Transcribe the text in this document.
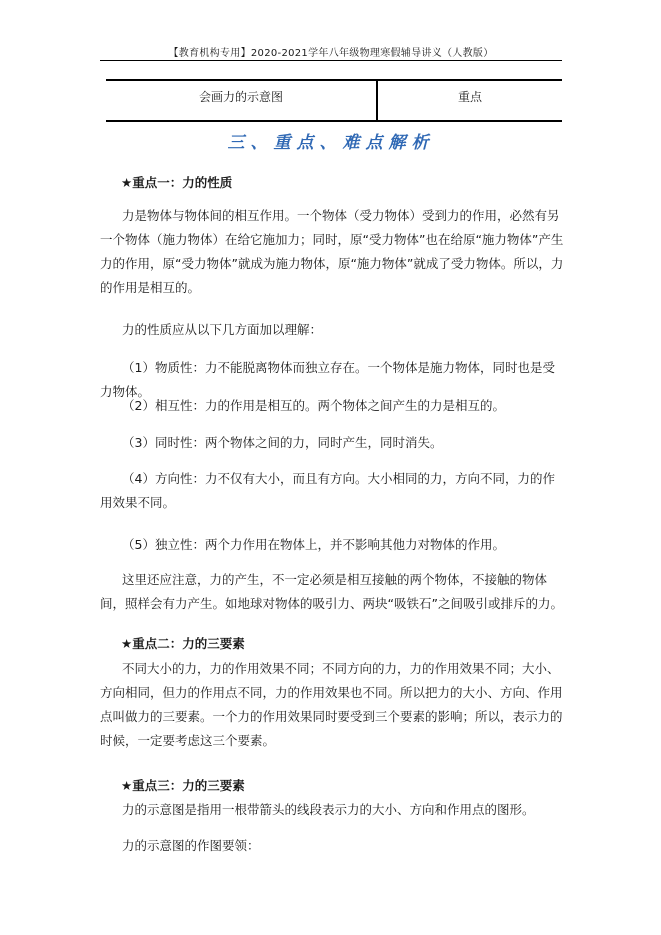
【教育机构专用】2020-2021学年八年级物理寒假辅导讲义（人教版）
会画力的示意图	重点
三、重点、难点解析
★重点一：力的性质

力是物体与物体间的相互作用。一个物体（受力物体）受到力的作用，必然有另一个物体（施力物体）在给它施加力；同时，原“受力物体”也在给原“施力物体”产生力的作用，原“受力物体”就成为施力物体，原“施力物体”就成了受力物体。所以，力的作用是相互的。

力的性质应从以下几方面加以理解：
（1）物质性：力不能脱离物体而独立存在。一个物体是施力物体，同时也是受力物体。
（2）相互性：力的作用是相互的。两个物体之间产生的力是相互的。
（3）同时性：两个物体之间的力，同时产生，同时消失。

（4）方向性：力不仅有大小，而且有方向。大小相同的力，方向不同，力的作用效果不同。

（5）独立性：两个力作用在物体上，并不影响其他力对物体的作用。

这里还应注意，力的产生，不一定必须是相互接触的两个物体，不接触的物体间，照样会有力产生。如地球对物体的吸引力、两块“吸铁石”之间吸引或排斥的力。

★重点二：力的三要素

不同大小的力，力的作用效果不同；不同方向的力，力的作用效果不同；大小、方向相同，但力的作用点不同，力的作用效果也不同。所以把力的大小、方向、作用点叫做力的三要素。一个力的作用效果同时要受到三个要素的影响；所以，表示力的时候，一定要考虑这三个要素。

★重点三：力的三要素
力的示意图是指用一根带箭头的线段表示力的大小、方向和作用点的图形。
力的示意图的作图要领：
